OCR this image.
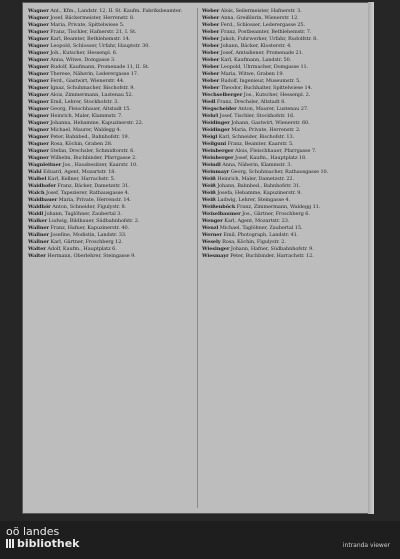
Wagner Ant., Kfm., Landstr. 12, II. St. Kaufm. Fabriksbeamter.
Wagner Josef, Bäckermeister, Herrenstr. 8.
Wagner Maria, Private, Spittelwiese 5.
Wagner Franz, Tischler, Hafnerstr. 21, I. St.
Wagner Karl, Beamter, Bethlehemstr. 14.
Wagner Leopold, Schlosser, Urfahr, Hauptstr. 30.
Wagner Joh., Kutscher, Hessenpl. 6.
Wagner Anna, Witwe, Domgasse 3.
Wagner Rudolf, Kaufmann, Promenade 11, II. St.
Wagner Therese, Näherin, Lederergasse 17.
Wagner Ferd., Gastwirt, Wienerstr. 44.
Wagner Ignaz, Schuhmacher, Bischofstr. 9.
Wagner Alois, Zimmermann, Lustenau 52.
Wagner Emil, Lehrer, Stockhofstr. 3.
Wagner Georg, Fleischhauer, Altstadt 15.
Wagner Heinrich, Maler, Klammstr. 7.
Wagner Johanna, Hebamme, Kapuzinerstr. 22.
Wagner Michael, Maurer, Waldegg 4.
Wagner Peter, Bahnbed., Bahnhofstr. 19.
Wagner Rosa, Köchin, Graben 28.
Wagner Stefan, Drechsler, Schmidtorstr. 6.
Wagner Wilhelm, Buchbinder, Pfarrgasse 2.
Wagnleitner Jos., Hausbesitzer, Kaarstr. 10.
Wahl Eduard, Agent, Mozartstr. 18.
Waibel Karl, Kellner, Harrachstr. 5.
Waidhofer Franz, Bäcker, Dametzstr. 31.
Walch Josef, Tapezierer, Rathausgasse 4.
Waldbauer Maria, Private, Herrenstr. 14.
Waldhör Anton, Schneider, Figulystr. 8.
Waldl Johann, Taglöhner, Zaubertal 3.
Walker Ludwig, Bildhauer, Südbahnhofstr. 2.
Wallner Franz, Hafner, Kapuzinerstr. 40.
Wallner Josefine, Modistin, Landstr. 33.
Wallner Karl, Gärtner, Froschberg 12.
Walter Adolf, Kaufm., Hauptplatz 6.
Walter Hermann, Oberlehrer, Steingasse 9.
Weber Alois, Seilermeister, Hafnerstr. 3.
Weber Anna, Greißlerin, Wienerstr. 12.
Weber Ferd., Schlosser, Lederergasse 25.
Weber Franz, Postbeamter, Bethlehemstr. 7.
Weber Jakob, Fuhrwerker, Urfahr, Rudolfstr. 8.
Weber Johann, Bäcker, Klosterstr. 4.
Weber Josef, Amtsdiener, Promenade 21.
Weber Karl, Kaufmann, Landstr. 50.
Weber Leopold, Uhrmacher, Domgasse 11.
Weber Maria, Witwe, Graben 19.
Weber Rudolf, Ingenieur, Museumstr. 5.
Weber Theodor, Buchhalter, Spittelwiese 14.
Wechselberger Jos., Kutscher, Hessenpl. 2.
Wedl Franz, Drechsler, Altstadt 8.
Wegscheider Anton, Maurer, Lustenau 27.
Wehrl Josef, Tischler, Stockhofstr. 16.
Weidinger Johann, Gastwirt, Wienerstr. 60.
Weidinger Maria, Private, Herrenstr. 2.
Weigl Karl, Schneider, Bischofstr. 13.
Weilguni Franz, Beamter, Kaarstr. 5.
Weinberger Alois, Fleischhauer, Pfarrgasse 7.
Weinberger Josef, Kaufm., Hauptplatz 18.
Weindl Anna, Näherin, Klammstr. 3.
Weinmayr Georg, Schuhmacher, Rathausgasse 10.
Weiß Heinrich, Maler, Dametzstr. 22.
Weiß Johann, Bahnbed., Bahnhofstr. 31.
Weiß Josefa, Hebamme, Kapuzinerstr. 9.
Weiß Ludwig, Lehrer, Steingasse 4.
Weißenböck Franz, Zimmermann, Waldegg 11.
Weixelbaumer Jos., Gärtner, Froschberg 6.
Wenger Karl, Agent, Mozartstr. 23.
Wenzl Michael, Taglöhner, Zaubertal 15.
Werner Emil, Photograph, Landstr. 41.
Wesely Rosa, Köchin, Figulystr. 2.
Wiesinger Johann, Hafner, Südbahnhofstr. 9.
Wiesmayr Peter, Buchbinder, Harrachstr. 12.
oö landes
bibliothek	intranda viewer
